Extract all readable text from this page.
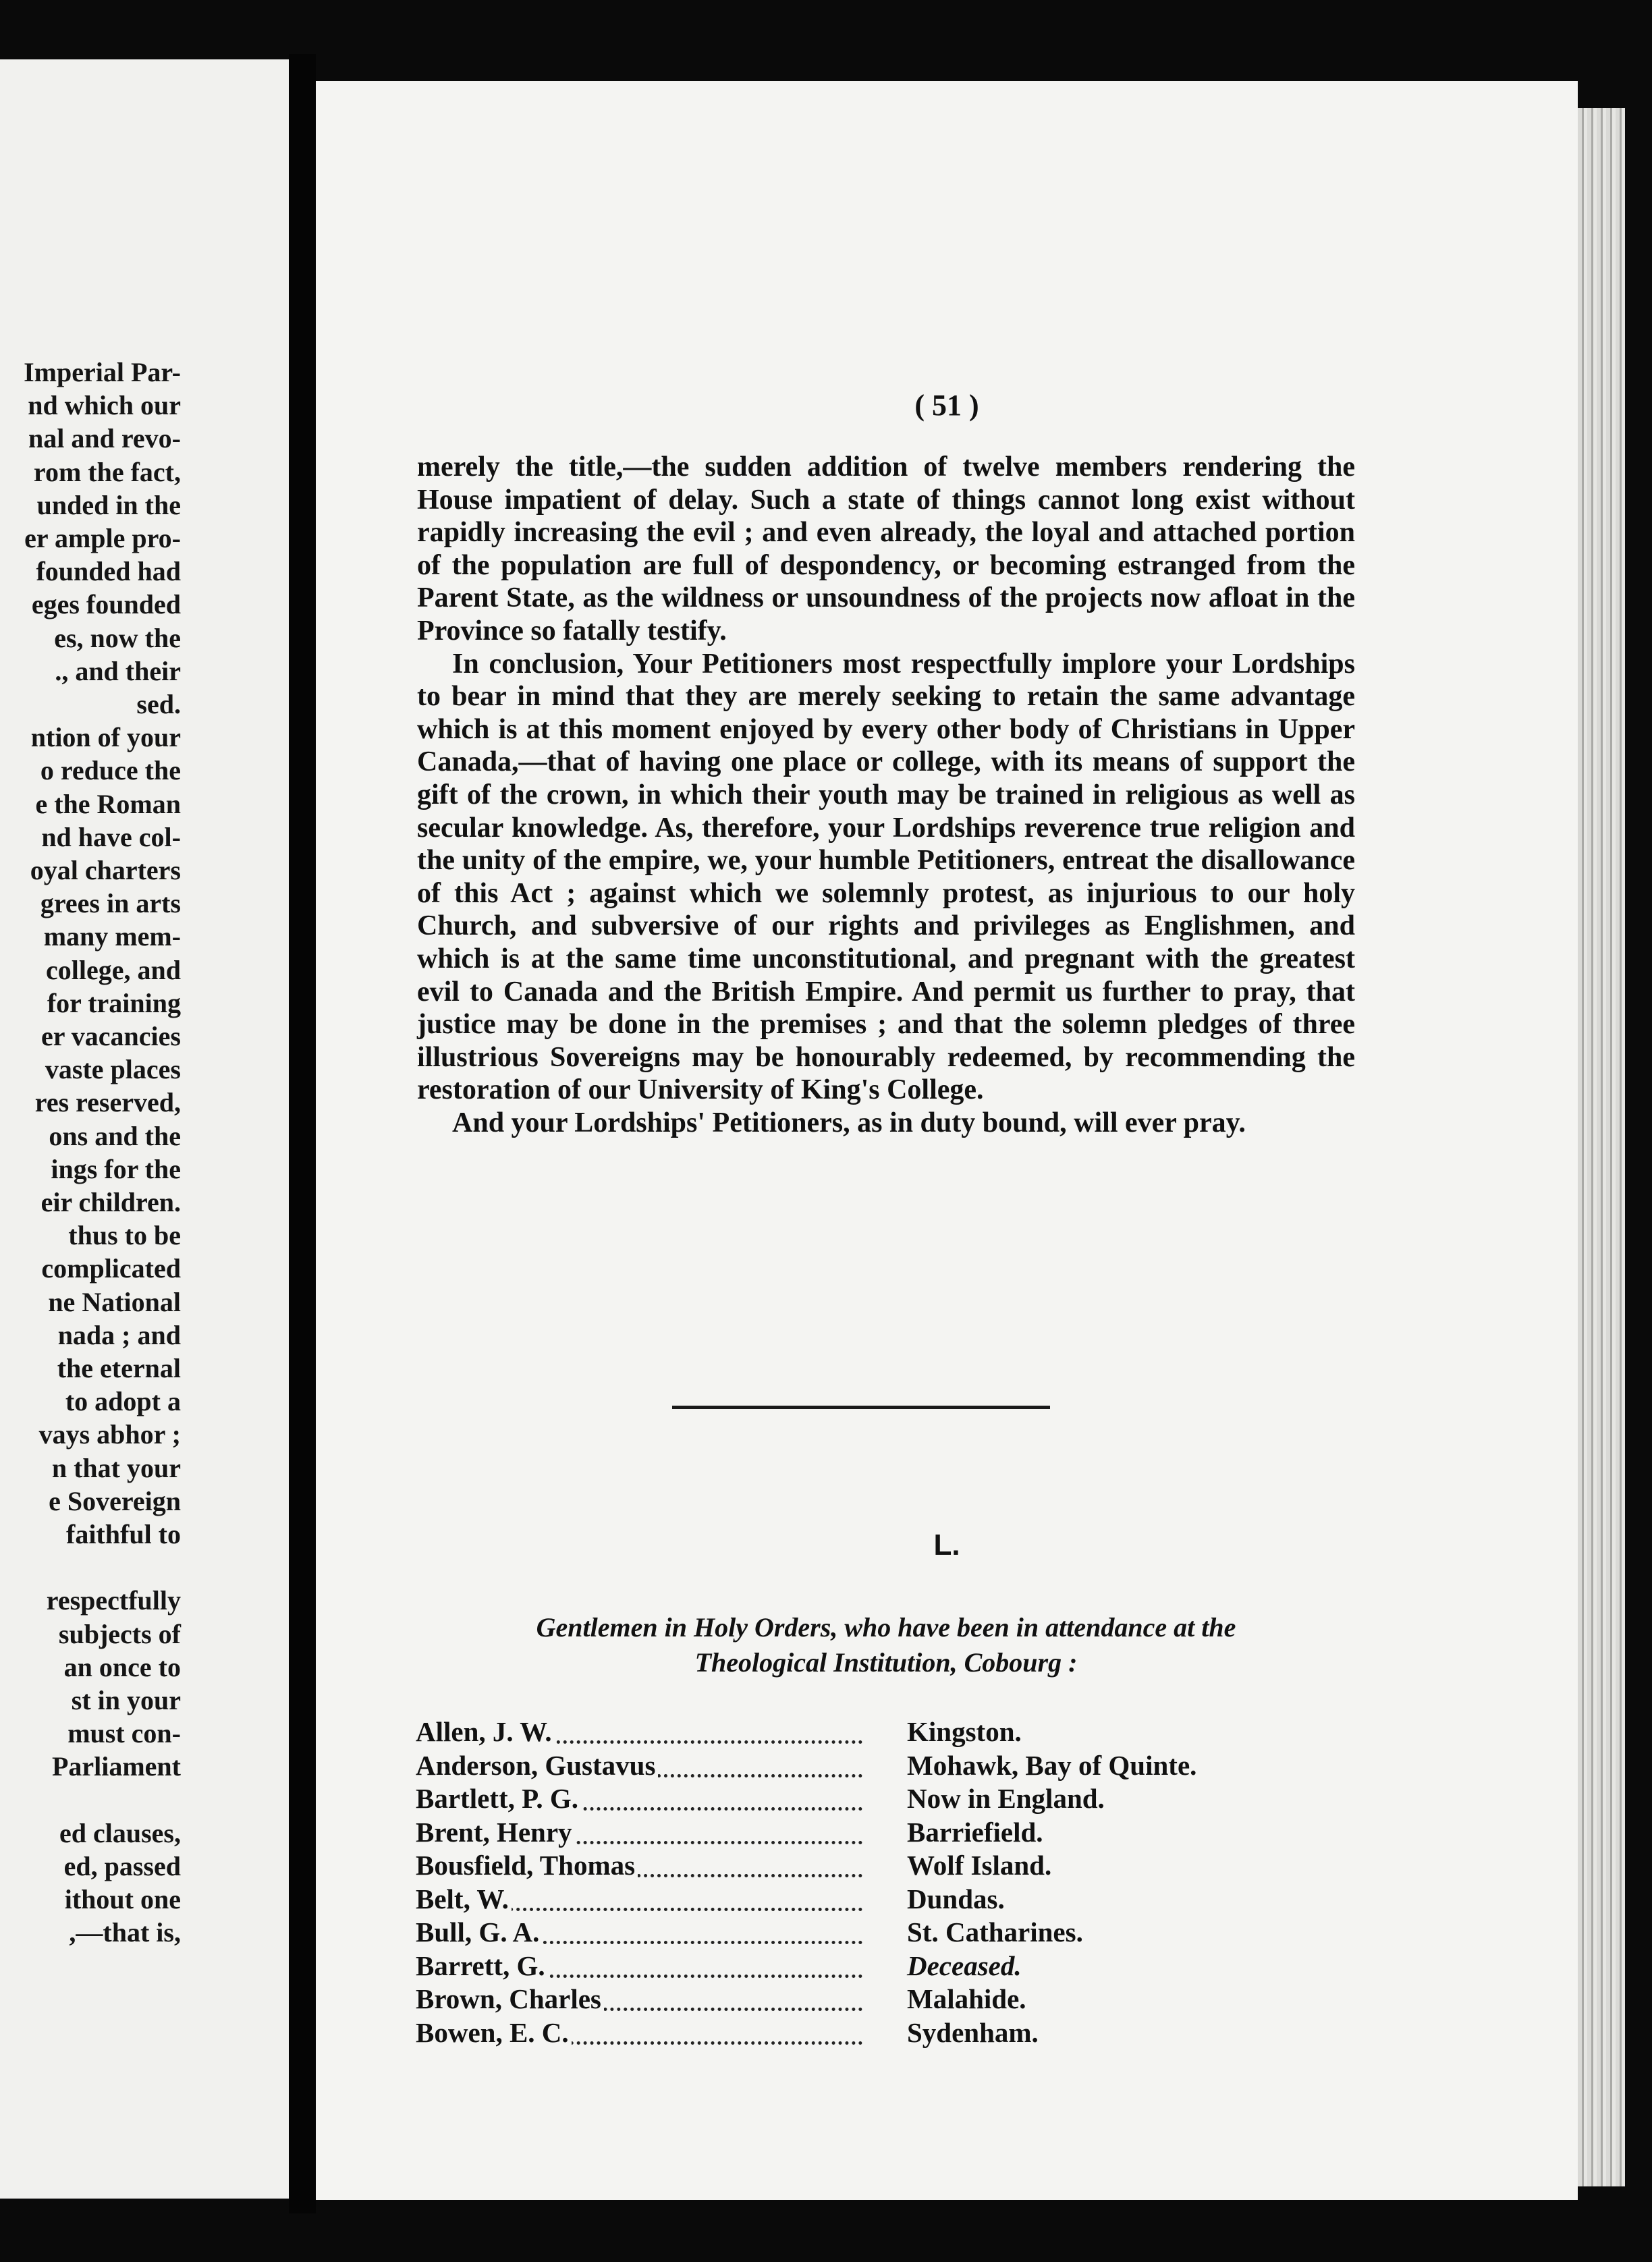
Imperial Par-
nd which our
nal and revo-
rom the fact,
unded in the
er ample pro-
founded had
eges founded
es, now the
., and their
sed.
ntion of your
o reduce the
e the Roman
nd have col-
oyal charters
grees in arts
many mem-
college, and
for training
er vacancies
vaste places
res reserved,
ons and the
ings for the
eir children.
thus to be
complicated
ne National
nada ; and
the eternal
to adopt a
vays abhor ;
n that your
e Sovereign
faithful to
respectfully
subjects of
an once to
st in your
must con-
Parliament
ed clauses,
ed, passed
ithout one
,—that is,
( 51 )

merely the title,—the sudden addition of twelve members rendering the House impatient of delay. Such a state of things cannot long exist without rapidly increasing the evil ; and even already, the loyal and attached portion of the population are full of despondency, or becoming estranged from the Parent State, as the wildness or unsoundness of the projects now afloat in the Province so fatally testify.

In conclusion, Your Petitioners most respectfully implore your Lordships to bear in mind that they are merely seeking to retain the same advantage which is at this moment enjoyed by every other body of Christians in Upper Canada,—that of having one place or college, with its means of support the gift of the crown, in which their youth may be trained in religious as well as secular knowledge. As, therefore, your Lordships reverence true religion and the unity of the empire, we, your humble Petitioners, entreat the disallowance of this Act ; against which we solemnly protest, as injurious to our holy Church, and subversive of our rights and privileges as Englishmen, and which is at the same time unconstitutional, and pregnant with the greatest evil to Canada and the British Empire. And permit us further to pray, that justice may be done in the premises ; and that the solemn pledges of three illustrious Sovereigns may be honourably redeemed, by recommending the restoration of our University of King's College.

And your Lordships' Petitioners, as in duty bound, will ever pray.

L.
Gentlemen in Holy Orders, who have been in attendance at the
Theological Institution, Cobourg :
Allen, J. W.	Kingston.
Anderson, Gustavus	Mohawk, Bay of Quinte.
Bartlett, P. G.	Now in England.
Brent, Henry	Barriefield.
Bousfield, Thomas	Wolf Island.
Belt, W.	Dundas.
Bull, G. A.	St. Catharines.
Barrett, G.	Deceased.
Brown, Charles	Malahide.
Bowen, E. C.	Sydenham.
